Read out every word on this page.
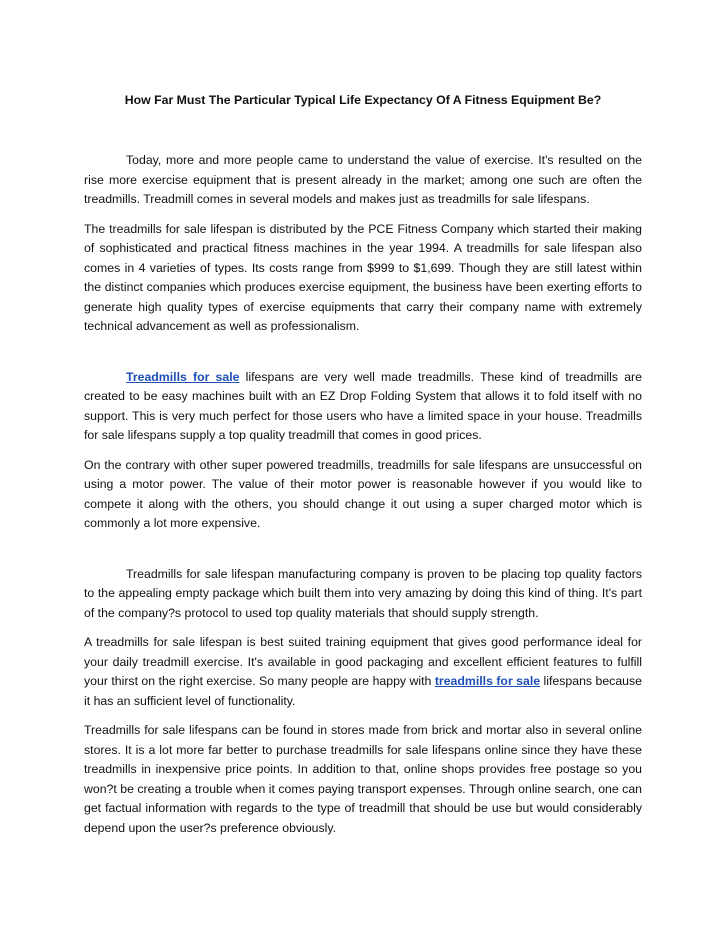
How Far Must The Particular Typical Life Expectancy Of A Fitness Equipment Be?

Today, more and more people came to understand the value of exercise. It's resulted on the rise more exercise equipment that is present already in the market; among one such are often the treadmills. Treadmill comes in several models and makes just as treadmills for sale lifespans.

The treadmills for sale lifespan is distributed by the PCE Fitness Company which started their making of sophisticated and practical fitness machines in the year 1994. A treadmills for sale lifespan also comes in 4 varieties of types. Its costs range from $999 to $1,699. Though they are still latest within the distinct companies which produces exercise equipment, the business have been exerting efforts to generate high quality types of exercise equipments that carry their company name with extremely technical advancement as well as professionalism.

Treadmills for sale lifespans are very well made treadmills. These kind of treadmills are created to be easy machines built with an EZ Drop Folding System that allows it to fold itself with no support. This is very much perfect for those users who have a limited space in your house. Treadmills for sale lifespans supply a top quality treadmill that comes in good prices.

On the contrary with other super powered treadmills, treadmills for sale lifespans are unsuccessful on using a motor power. The value of their motor power is reasonable however if you would like to compete it along with the others, you should change it out using a super charged motor which is commonly a lot more expensive.

Treadmills for sale lifespan manufacturing company is proven to be placing top quality factors to the appealing empty package which built them into very amazing by doing this kind of thing. It's part of the company?s protocol to used top quality materials that should supply strength.

A treadmills for sale lifespan is best suited training equipment that gives good performance ideal for your daily treadmill exercise. It's available in good packaging and excellent efficient features to fulfill your thirst on the right exercise. So many people are happy with treadmills for sale lifespans because it has an sufficient level of functionality.

Treadmills for sale lifespans can be found in stores made from brick and mortar also in several online stores. It is a lot more far better to purchase treadmills for sale lifespans online since they have these treadmills in inexpensive price points. In addition to that, online shops provides free postage so you won?t be creating a trouble when it comes paying transport expenses. Through online search, one can get factual information with regards to the type of treadmill that should be use but would considerably depend upon the user?s preference obviously.
